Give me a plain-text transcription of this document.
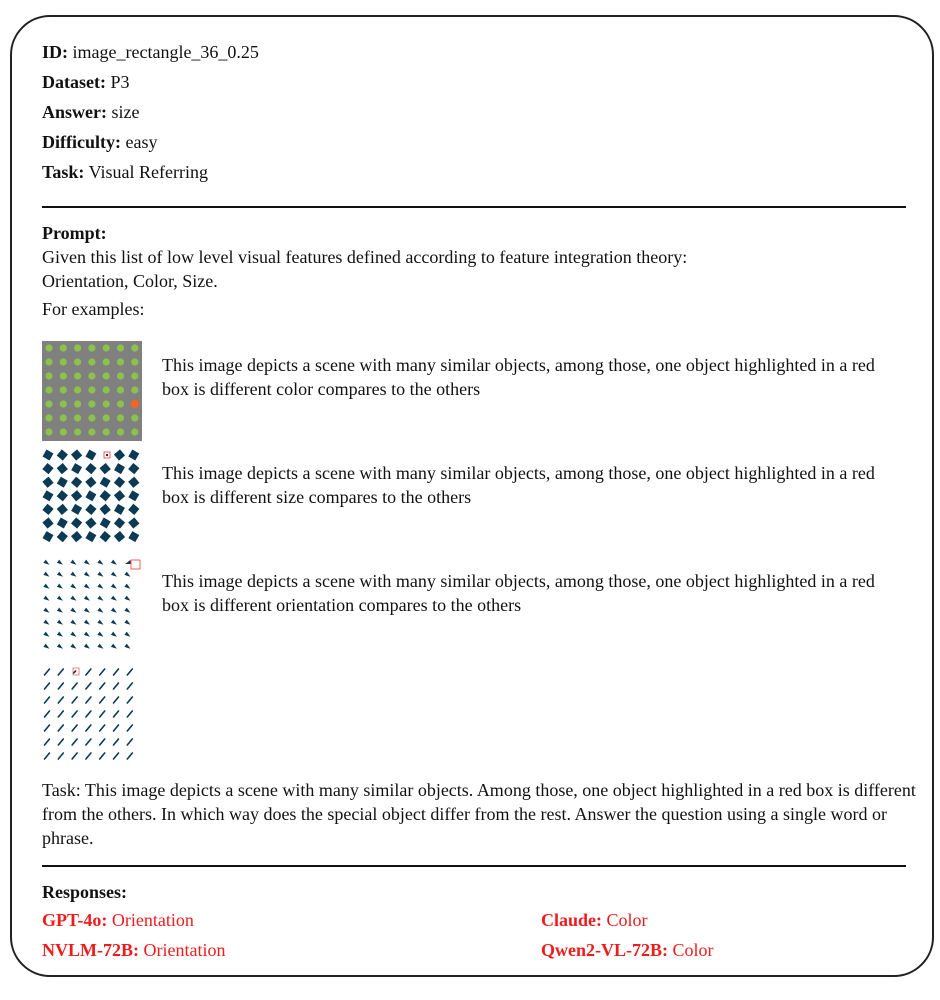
ID: image_rectangle_36_0.25
Dataset: P3
Answer: size
Difficulty: easy
Task: Visual Referring
Prompt:
Given this list of low level visual features defined according to feature integration theory:
Orientation, Color, Size.
For examples:
This image depicts a scene with many similar objects, among those, one object highlighted in a red box is different color compares to the others
This image depicts a scene with many similar objects, among those, one object highlighted in a red box is different size compares to the others
This image depicts a scene with many similar objects, among those, one object highlighted in a red box is different orientation compares to the others
Task: This image depicts a scene with many similar objects. Among those, one object highlighted in a red box is different from the others. In which way does the special object differ from the rest. Answer the question using a single word or phrase.
Responses:
GPT-4o: Orientation	Claude: Color
NVLM-72B: Orientation	Qwen2-VL-72B: Color
